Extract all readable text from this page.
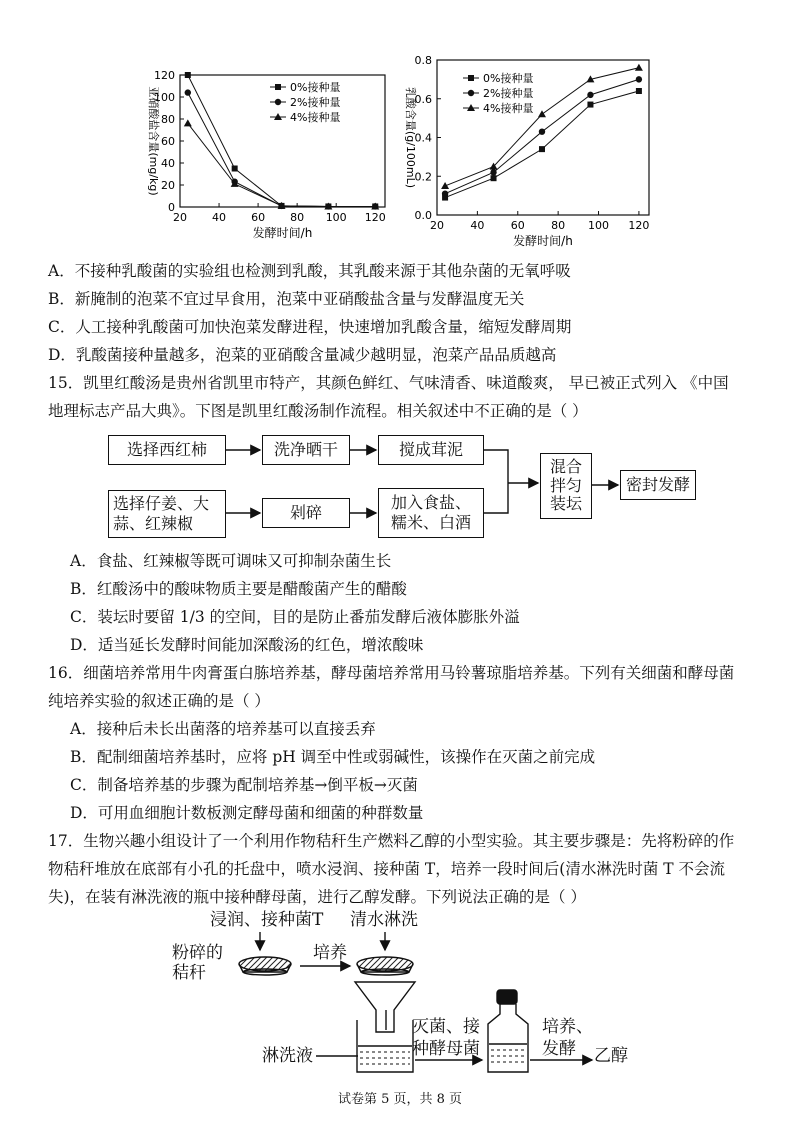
0
20
40
60
80
100
120
20 40 60 80 100 120
发酵时间/h
亚硝酸盐含量(mg/kg)	0%接种量
2%接种量
4%接种量
0.0
0.2
0.4
0.6
0.8
20 40 60 80 100 120
发酵时间/h
乳酸含量(g/100mL)
0%接种量
2%接种量
4%接种量
A．不接种乳酸菌的实验组也检测到乳酸，其乳酸来源于其他杂菌的无氧呼吸
B．新腌制的泡菜不宜过早食用，泡菜中亚硝酸盐含量与发酵温度无关
C．人工接种乳酸菌可加快泡菜发酵进程，快速增加乳酸含量，缩短发酵周期
D．乳酸菌接种量越多，泡菜的亚硝酸含量减少越明显，泡菜产品品质越高
15．凯里红酸汤是贵州省凯里市特产，其颜色鲜红、气味清香、味道酸爽， 早已被正式列入 《中国
地理标志产品大典》。下图是凯里红酸汤制作流程。相关叙述中不正确的是（ ）
选择西红柿	洗净晒干	搅成茸泥
选择仔姜、大
蒜、红辣椒
剁碎
加入食盐、
糯米、白酒
混合
拌匀
装坛
密封发酵
A．食盐、红辣椒等既可调味又可抑制杂菌生长
B．红酸汤中的酸味物质主要是醋酸菌产生的醋酸
C．装坛时要留 1/3 的空间，目的是防止番茄发酵后液体膨胀外溢
D．适当延长发酵时间能加深酸汤的红色，增浓酸味
16．细菌培养常用牛肉膏蛋白胨培养基，酵母菌培养常用马铃薯琼脂培养基。下列有关细菌和酵母菌
纯培养实验的叙述正确的是（ ）
A．接种后未长出菌落的培养基可以直接丢弃
B．配制细菌培养基时，应将 pH 调至中性或弱碱性，该操作在灭菌之前完成
C．制备培养基的步骤为配制培养基→倒平板→灭菌
D．可用血细胞计数板测定酵母菌和细菌的种群数量
17．生物兴趣小组设计了一个利用作物秸秆生产燃料乙醇的小型实验。其主要步骤是：先将粉碎的作
物秸秆堆放在底部有小孔的托盘中，喷水浸润、接种菌 T，培养一段时间后(清水淋洗时菌 T 不会流
失)，在装有淋洗液的瓶中接种酵母菌，进行乙醇发酵。下列说法正确的是（ ）
浸润、接种菌T 清水淋洗
粉碎的
秸秆
培养
灭菌、接
种酵母菌
培养、
发酵
淋洗液	乙醇
试卷第 5 页，共 8 页
